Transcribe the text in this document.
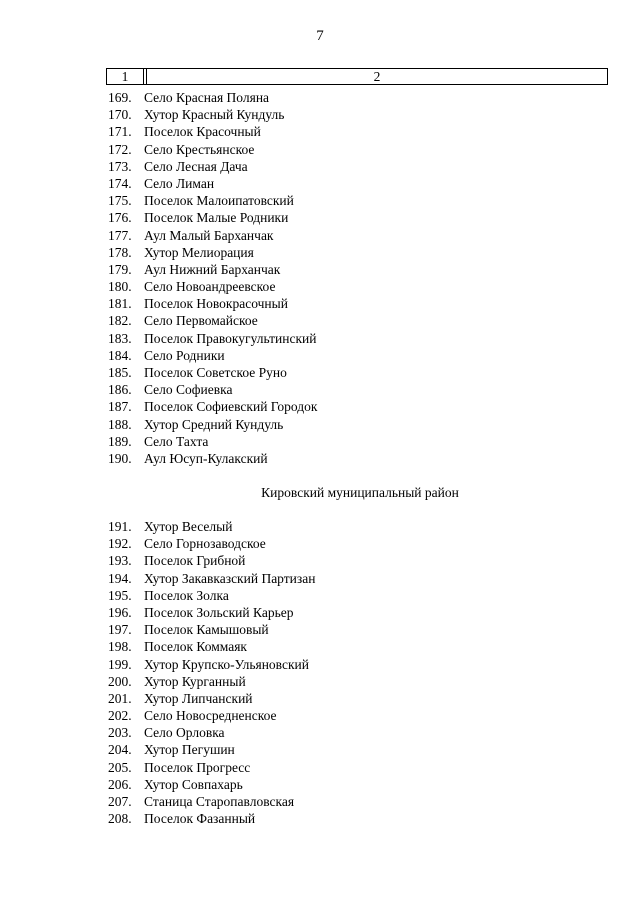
7
1	2
169. Село Красная Поляна
170. Хутор Красный Кундуль
171. Поселок Красочный
172. Село Крестьянское
173. Село Лесная Дача
174. Село Лиман
175. Поселок Малоипатовский
176. Поселок Малые Родники
177. Аул Малый Барханчак
178. Хутор Мелиорация
179. Аул Нижний Барханчак
180. Село Новоандреевское
181. Поселок Новокрасочный
182. Село Первомайское
183. Поселок Правокугультинский
184. Село Родники
185. Поселок Советское Руно
186. Село Софиевка
187. Поселок Софиевский Городок
188. Хутор Средний Кундуль
189. Село Тахта
190. Аул Юсуп-Кулакский
Кировский муниципальный район
191. Хутор Веселый
192. Село Горнозаводское
193. Поселок Грибной
194. Хутор Закавказский Партизан
195. Поселок Золка
196. Поселок Зольский Карьер
197. Поселок Камышовый
198. Поселок Коммаяк
199. Хутор Крупско-Ульяновский
200. Хутор Курганный
201. Хутор Липчанский
202. Село Новосредненское
203. Село Орловка
204. Хутор Пегушин
205. Поселок Прогресс
206. Хутор Совпахарь
207. Станица Старопавловская
208. Поселок Фазанный
